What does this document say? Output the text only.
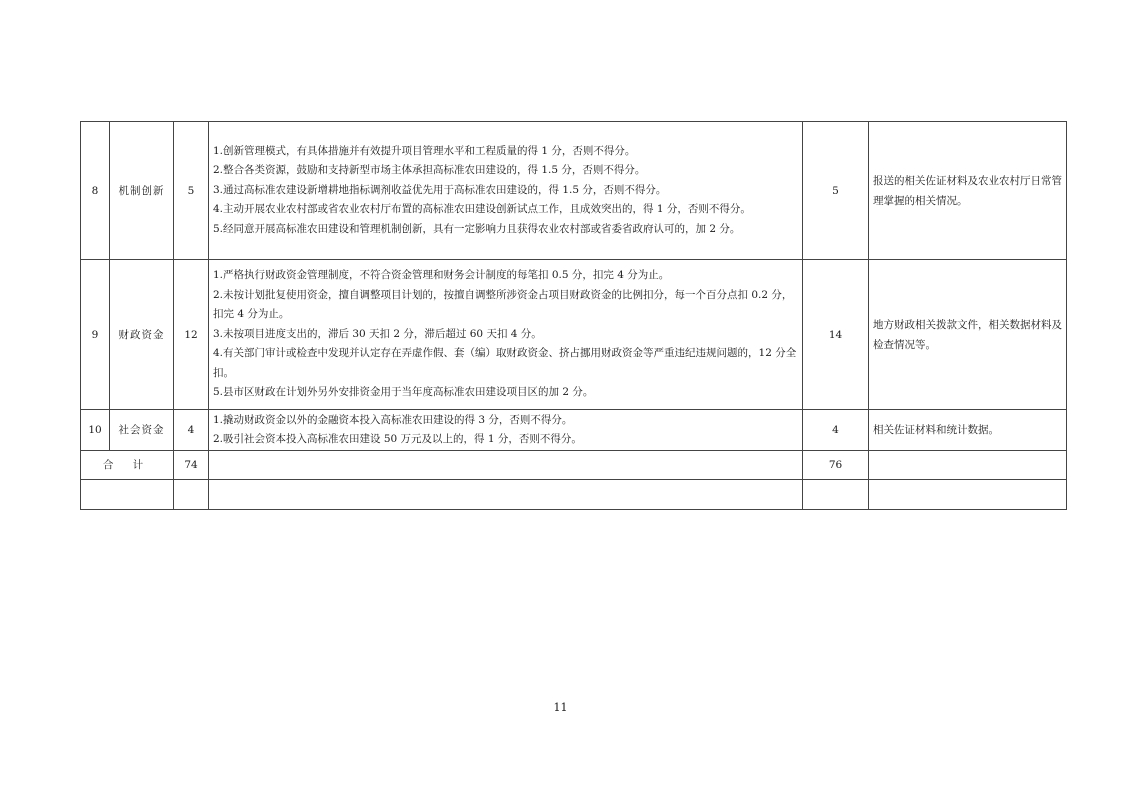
8	机制创新	5	1.创新管理模式，有具体措施并有效提升项目管理水平和工程质量的得 1 分，否则不得分。
2.整合各类资源，鼓励和支持新型市场主体承担高标准农田建设的，得 1.5 分，否则不得分。
3.通过高标准农建设新增耕地指标调剂收益优先用于高标准农田建设的，得 1.5 分，否则不得分。
4.主动开展农业农村部或省农业农村厅布置的高标准农田建设创新试点工作，且成效突出的，得 1 分，否则不得分。
5.经同意开展高标准农田建设和管理机制创新，具有一定影响力且获得农业农村部或省委省政府认可的，加 2 分。	5	报送的相关佐证材料及农业农村厅日常管理掌握的相关情况。
9	财政资金	12	1.严格执行财政资金管理制度，不符合资金管理和财务会计制度的每笔扣 0.5 分，扣完 4 分为止。
2.未按计划批复使用资金，擅自调整项目计划的，按擅自调整所涉资金占项目财政资金的比例扣分，每一个百分点扣 0.2 分，扣完 4 分为止。
3.未按项目进度支出的，滞后 30 天扣 2 分，滞后超过 60 天扣 4 分。
4.有关部门审计或检查中发现并认定存在弄虚作假、套（编）取财政资金、挤占挪用财政资金等严重违纪违规问题的，12 分全扣。
5.县市区财政在计划外另外安排资金用于当年度高标准农田建设项目区的加 2 分。	14	地方财政相关拨款文件，相关数据材料及检查情况等。
10	社会资金	4	1.撬动财政资金以外的金融资本投入高标准农田建设的得 3 分，否则不得分。
2.吸引社会资本投入高标准农田建设 50 万元及以上的，得 1 分，否则不得分。	4	相关佐证材料和统计数据。
合 计		74		76	

11
